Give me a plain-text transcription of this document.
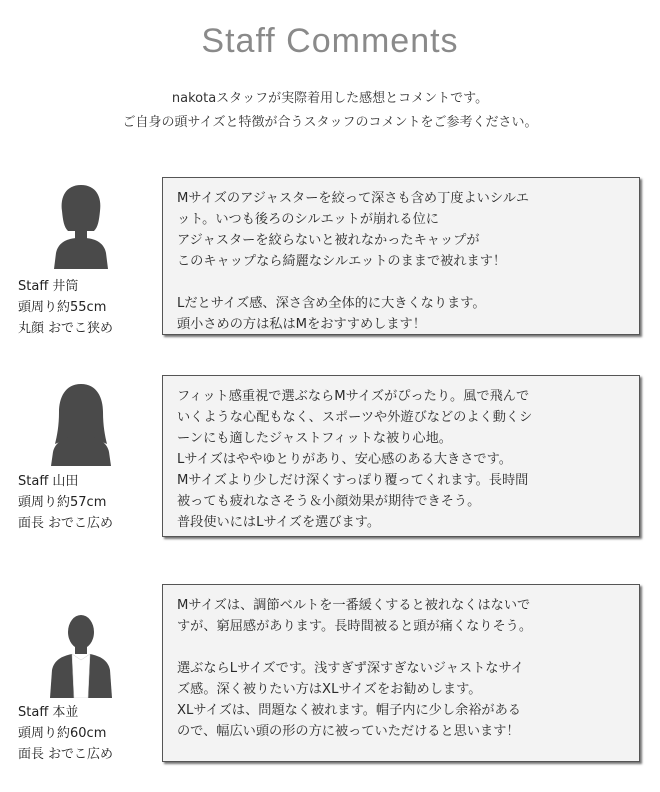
Staff Comments
nakotaスタッフが実際着用した感想とコメントです。
ご自身の頭サイズと特徴が合うスタッフのコメントをご参考ください。
Staff 井筒
頭周り約55cm
丸顔 おでこ狭め

Mサイズのアジャスターを絞って深さも含め丁度よいシルエ

ット。いつも後ろのシルエットが崩れる位に

アジャスターを絞らないと被れなかったキャップが

このキャップなら綺麗なシルエットのままで被れます！

Lだとサイズ感、深さ含め全体的に大きくなります。

頭小さめの方は私はMをおすすめします！

Staff 山田
頭周り約57cm
面長 おでこ広め

フィット感重視で選ぶならMサイズがぴったり。風で飛んで

いくような心配もなく、スポーツや外遊びなどのよく動くシ

ーンにも適したジャストフィットな被り心地。

Lサイズはややゆとりがあり、安心感のある大きさです。

Mサイズより少しだけ深くすっぽり覆ってくれます。長時間

被っても疲れなさそう＆小顔効果が期待できそう。

普段使いにはLサイズを選びます。

Staff 本並
頭周り約60cm
面長 おでこ広め

Mサイズは、調節ベルトを一番緩くすると被れなくはないで

すが、窮屈感があります。長時間被ると頭が痛くなりそう。

選ぶならLサイズです。浅すぎず深すぎないジャストなサイ

ズ感。深く被りたい方はXLサイズをお勧めします。

XLサイズは、問題なく被れます。帽子内に少し余裕がある

ので、幅広い頭の形の方に被っていただけると思います！
